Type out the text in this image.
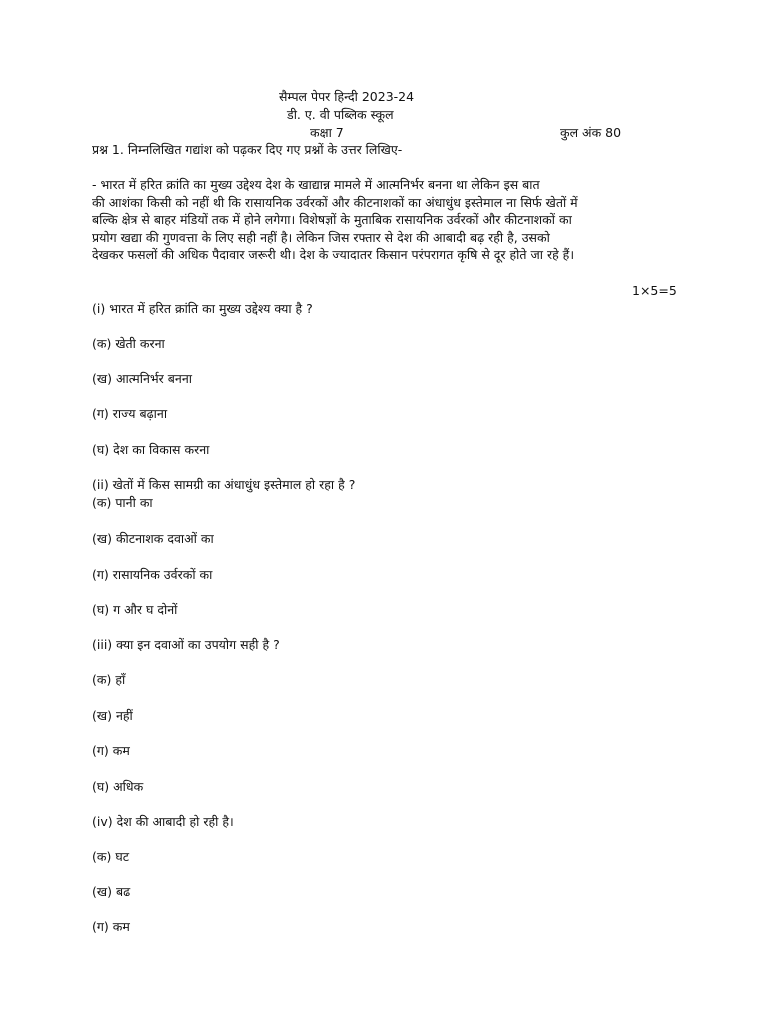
सैम्पल पेपर हिन्दी 2023-24
डी. ए. वी पब्लिक स्कूल
कक्षा 7	कुल अंक 80
प्रश्न 1. निम्नलिखित गद्यांश को पढ़कर दिए गए प्रश्नों के उत्तर लिखिए-
- भारत में हरित क्रांति का मुख्य उद्देश्य देश के खाद्यान्न मामले में आत्मनिर्भर बनना था लेकिन इस बात
की आशंका किसी को नहीं थी कि रासायनिक उर्वरकों और कीटनाशकों का अंधाधुंध इस्तेमाल ना सिर्फ खेतों में
बल्कि क्षेत्र से बाहर मंडियों तक में होने लगेगा। विशेषज्ञों के मुताबिक रासायनिक उर्वरकों और कीटनाशकों का
प्रयोग खद्या की गुणवत्ता के लिए सही नहीं है। लेकिन जिस रफ्तार से देश की आबादी बढ़ रही है, उसको
देखकर फसलों की अधिक पैदावार जरूरी थी। देश के ज्यादातर किसान परंपरागत कृषि से दूर होते जा रहे हैं।
1×5=5
(i) भारत में हरित क्रांति का मुख्य उद्देश्य क्या है ?
(क) खेती करना
(ख) आत्मनिर्भर बनना
(ग) राज्य बढ़ाना
(घ) देश का विकास करना
(ii) खेतों में किस सामग्री का अंधाधुंध इस्तेमाल हो रहा है ?
(क) पानी का
(ख) कीटनाशक दवाओं का
(ग) रासायनिक उर्वरकों का
(घ) ग और घ दोनों
(iii) क्या इन दवाओं का उपयोग सही है ?
(क) हाँ
(ख) नहीं
(ग) कम
(घ) अधिक
(iv) देश की आबादी हो रही है।
(क) घट
(ख) बढ
(ग) कम
